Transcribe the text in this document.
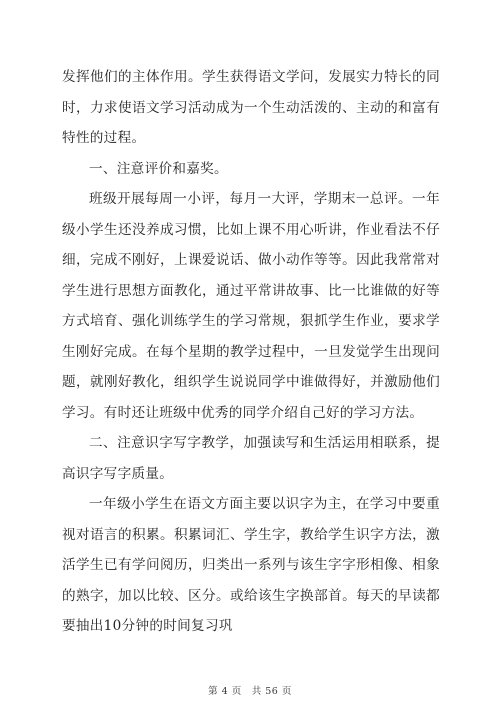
发挥他们的主体作用。学生获得语文学问，发展实力特长的同时，力求使语文学习活动成为一个生动活泼的、主动的和富有特性的过程。

一、注意评价和嘉奖。

班级开展每周一小评，每月一大评，学期末一总评。一年级小学生还没养成习惯，比如上课不用心听讲，作业看法不仔细，完成不刚好，上课爱说话、做小动作等等。因此我常常对学生进行思想方面教化，通过平常讲故事、比一比谁做的好等方式培育、强化训练学生的学习常规，狠抓学生作业，要求学生刚好完成。在每个星期的教学过程中，一旦发觉学生出现问题，就刚好教化，组织学生说说同学中谁做得好，并激励他们学习。有时还让班级中优秀的同学介绍自己好的学习方法。

二、注意识字写字教学，加强读写和生活运用相联系，提高识字写字质量。

一年级小学生在语文方面主要以识字为主，在学习中要重视对语言的积累。积累词汇、学生字，教给学生识字方法，激活学生已有学问阅历，归类出一系列与该生字字形相像、相象的熟字，加以比较、区分。或给该生字换部首。每天的早读都要抽出10分钟的时间复习巩

第 4 页　共 56 页
